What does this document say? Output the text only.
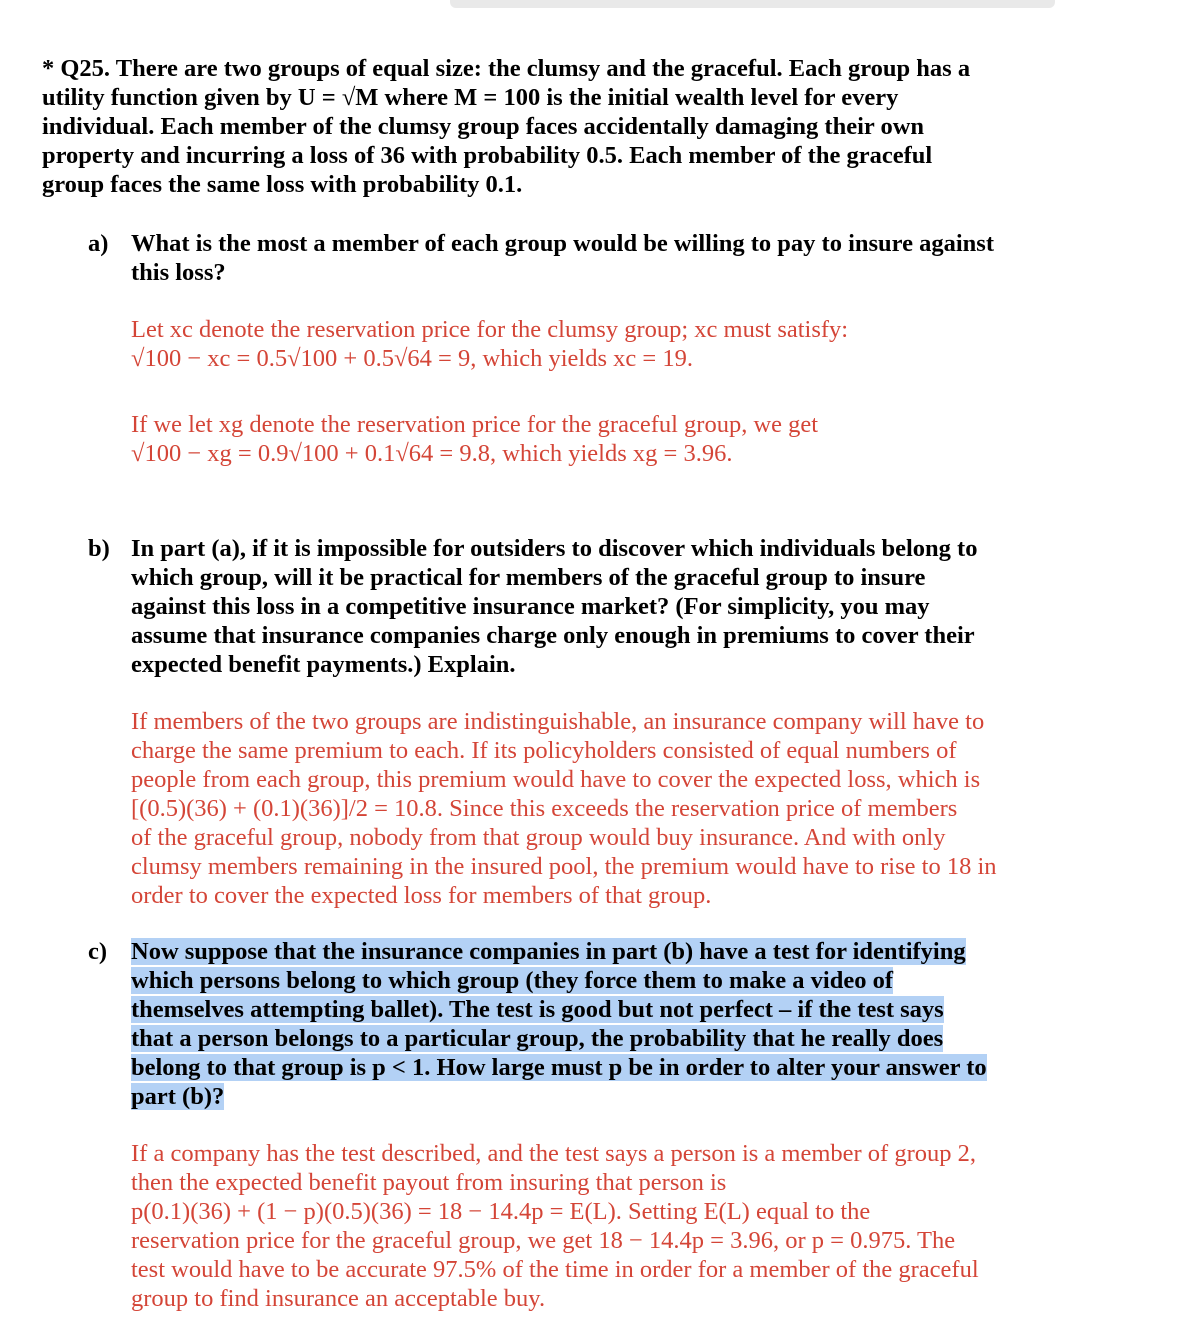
* Q25. There are two groups of equal size: the clumsy and the graceful. Each group has a
utility function given by U = √M where M = 100 is the initial wealth level for every
individual. Each member of the clumsy group faces accidentally damaging their own
property and incurring a loss of 36 with probability 0.5. Each member of the graceful
group faces the same loss with probability 0.1.
a) What is the most a member of each group would be willing to pay to insure against
this loss?
Let xc denote the reservation price for the clumsy group; xc must satisfy:
√100 − xc = 0.5√100 + 0.5√64 = 9, which yields xc = 19.
If we let xg denote the reservation price for the graceful group, we get
√100 − xg = 0.9√100 + 0.1√64 = 9.8, which yields xg = 3.96.
b) In part (a), if it is impossible for outsiders to discover which individuals belong to
which group, will it be practical for members of the graceful group to insure
against this loss in a competitive insurance market? (For simplicity, you may
assume that insurance companies charge only enough in premiums to cover their
expected benefit payments.) Explain.
If members of the two groups are indistinguishable, an insurance company will have to
charge the same premium to each. If its policyholders consisted of equal numbers of
people from each group, this premium would have to cover the expected loss, which is
[(0.5)(36) + (0.1)(36)]/2 = 10.8. Since this exceeds the reservation price of members
of the graceful group, nobody from that group would buy insurance. And with only
clumsy members remaining in the insured pool, the premium would have to rise to 18 in
order to cover the expected loss for members of that group.
c) Now suppose that the insurance companies in part (b) have a test for identifying
which persons belong to which group (they force them to make a video of
themselves attempting ballet). The test is good but not perfect – if the test says
that a person belongs to a particular group, the probability that he really does
belong to that group is p < 1. How large must p be in order to alter your answer to
part (b)?
If a company has the test described, and the test says a person is a member of group 2,
then the expected benefit payout from insuring that person is
p(0.1)(36) + (1 − p)(0.5)(36) = 18 − 14.4p = E(L). Setting E(L) equal to the
reservation price for the graceful group, we get 18 − 14.4p = 3.96, or p = 0.975. The
test would have to be accurate 97.5% of the time in order for a member of the graceful
group to find insurance an acceptable buy.
